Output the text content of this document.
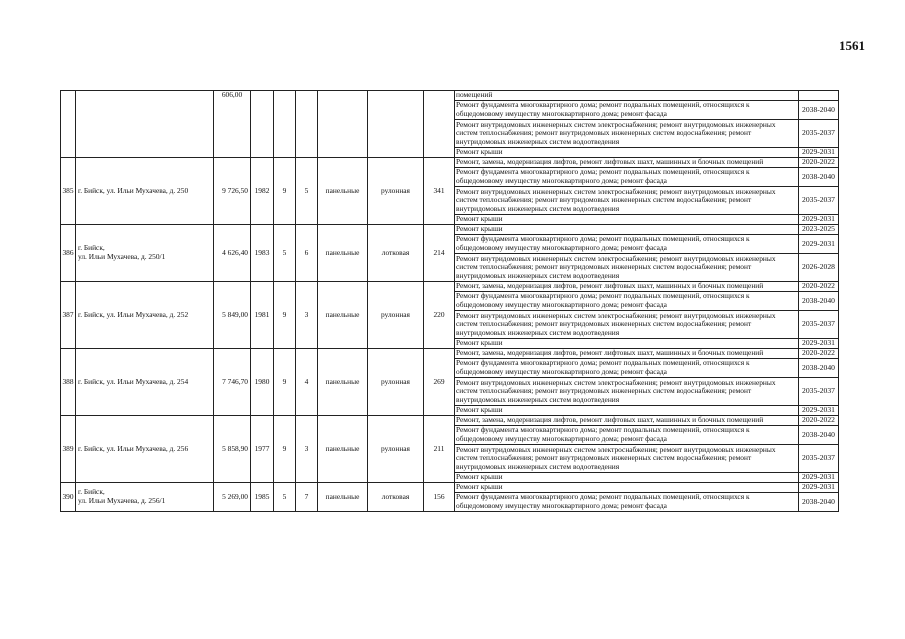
1561
		606,00							помещений	
									Ремонт фундамента многоквартирного дома; ремонт подвальных помещений, относящихся к общедомовому имуществу многоквартирного дома; ремонт фасада	2038-2040
									Ремонт внутридомовых инженерных систем электроснабжения; ремонт внутридомовых инженерных систем теплоснабжения; ремонт внутридомовых инженерных систем водоснабжения; ремонт внутридомовых инженерных систем водоотведения	2035-2037
									Ремонт крыши	2029-2031
385	г. Бийск, ул. Ильи Мухачева, д. 250	9 726,50	1982	9	5	панельные	рулонная	341	Ремонт, замена, модернизация лифтов, ремонт лифтовых шахт, машинных и блочных помещений	2020-2022
									Ремонт фундамента многоквартирного дома; ремонт подвальных помещений, относящихся к общедомовому имуществу многоквартирного дома; ремонт фасада	2038-2040
									Ремонт внутридомовых инженерных систем электроснабжения; ремонт внутридомовых инженерных систем теплоснабжения; ремонт внутридомовых инженерных систем водоснабжения; ремонт внутридомовых инженерных систем водоотведения	2035-2037
									Ремонт крыши	2029-2031
386	г. Бийск,
ул. Ильи Мухачева, д. 250/1	4 626,40	1983	5	6	панельные	лотковая	214	Ремонт крыши	2023-2025
									Ремонт фундамента многоквартирного дома; ремонт подвальных помещений, относящихся к общедомовому имуществу многоквартирного дома; ремонт фасада	2029-2031
									Ремонт внутридомовых инженерных систем электроснабжения; ремонт внутридомовых инженерных систем теплоснабжения; ремонт внутридомовых инженерных систем водоснабжения; ремонт внутридомовых инженерных систем водоотведения	2026-2028
387	г. Бийск, ул. Ильи Мухачева, д. 252	5 849,00	1981	9	3	панельные	рулонная	220	Ремонт, замена, модернизация лифтов, ремонт лифтовых шахт, машинных и блочных помещений	2020-2022
									Ремонт фундамента многоквартирного дома; ремонт подвальных помещений, относящихся к общедомовому имуществу многоквартирного дома; ремонт фасада	2038-2040
									Ремонт внутридомовых инженерных систем электроснабжения; ремонт внутридомовых инженерных систем теплоснабжения; ремонт внутридомовых инженерных систем водоснабжения; ремонт внутридомовых инженерных систем водоотведения	2035-2037
									Ремонт крыши	2029-2031
388	г. Бийск, ул. Ильи Мухачева, д. 254	7 746,70	1980	9	4	панельные	рулонная	269	Ремонт, замена, модернизация лифтов, ремонт лифтовых шахт, машинных и блочных помещений	2020-2022
									Ремонт фундамента многоквартирного дома; ремонт подвальных помещений, относящихся к общедомовому имуществу многоквартирного дома; ремонт фасада	2038-2040
									Ремонт внутридомовых инженерных систем электроснабжения; ремонт внутридомовых инженерных систем теплоснабжения; ремонт внутридомовых инженерных систем водоснабжения; ремонт внутридомовых инженерных систем водоотведения	2035-2037
									Ремонт крыши	2029-2031
389	г. Бийск, ул. Ильи Мухачева, д. 256	5 858,90	1977	9	3	панельные	рулонная	211	Ремонт, замена, модернизация лифтов, ремонт лифтовых шахт, машинных и блочных помещений	2020-2022
									Ремонт фундамента многоквартирного дома; ремонт подвальных помещений, относящихся к общедомовому имуществу многоквартирного дома; ремонт фасада	2038-2040
									Ремонт внутридомовых инженерных систем электроснабжения; ремонт внутридомовых инженерных систем теплоснабжения; ремонт внутридомовых инженерных систем водоснабжения; ремонт внутридомовых инженерных систем водоотведения	2035-2037
									Ремонт крыши	2029-2031
390	г. Бийск,
ул. Ильи Мухачева, д. 256/1	5 269,00	1985	5	7	панельные	лотковая	156	Ремонт крыши	2029-2031
									Ремонт фундамента многоквартирного дома; ремонт подвальных помещений, относящихся к общедомовому имуществу многоквартирного дома; ремонт фасада	2038-2040
